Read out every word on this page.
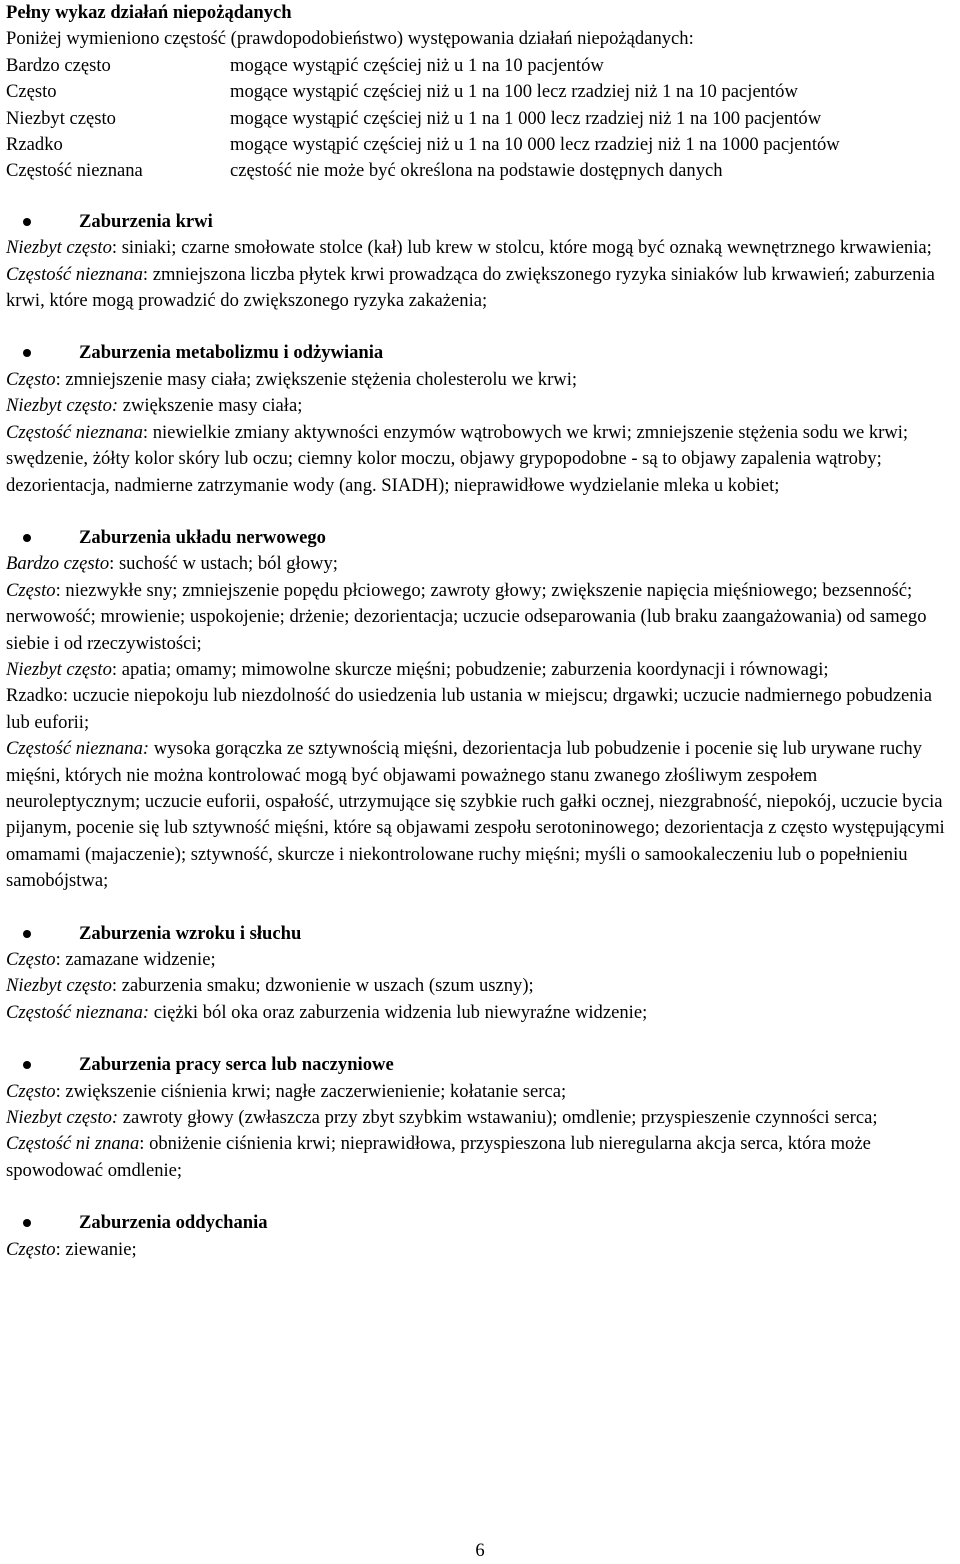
Pełny wykaz działań niepożądanych
Poniżej wymieniono częstość (prawdopodobieństwo) występowania działań niepożądanych:
Bardzo często	mogące wystąpić częściej niż u 1 na 10 pacjentów
Często	mogące wystąpić częściej niż u 1 na 100 lecz rzadziej niż 1 na 10 pacjentów
Niezbyt często	mogące wystąpić częściej niż u 1 na 1 000 lecz rzadziej niż 1 na 100 pacjentów
Rzadko	mogące wystąpić częściej niż u 1 na 10 000 lecz rzadziej niż 1 na 1000 pacjentów
Częstość nieznana	częstość nie może być określona na podstawie dostępnych danych
Zaburzenia krwi

Niezbyt często: siniaki; czarne smołowate stolce (kał) lub krew w stolcu, które mogą być oznaką wewnętrznego krwawienia;

Częstość nieznana: zmniejszona liczba płytek krwi prowadząca do zwiększonego ryzyka siniaków lub krwawień; zaburzenia krwi, które mogą prowadzić do zwiększonego ryzyka zakażenia;

Zaburzenia metabolizmu i odżywiania

Często: zmniejszenie masy ciała; zwiększenie stężenia cholesterolu we krwi;

Niezbyt często: zwiększenie masy ciała;

Częstość nieznana: niewielkie zmiany aktywności enzymów wątrobowych we krwi; zmniejszenie stężenia sodu we krwi; swędzenie, żółty kolor skóry lub oczu; ciemny kolor moczu, objawy grypopodobne - są to objawy zapalenia wątroby; dezorientacja, nadmierne zatrzymanie wody (ang. SIADH); nieprawidłowe wydzielanie mleka u kobiet;

Zaburzenia układu nerwowego

Bardzo często: suchość w ustach; ból głowy;

Często: niezwykłe sny; zmniejszenie popędu płciowego; zawroty głowy; zwiększenie napięcia mięśniowego; bezsenność; nerwowość; mrowienie; uspokojenie; drżenie; dezorientacja; uczucie odseparowania (lub braku zaangażowania) od samego siebie i od rzeczywistości;

Niezbyt często: apatia; omamy; mimowolne skurcze mięśni; pobudzenie; zaburzenia koordynacji i równowagi;

Rzadko: uczucie niepokoju lub niezdolność do usiedzenia lub ustania w miejscu; drgawki; uczucie nadmiernego pobudzenia lub euforii;

Częstość nieznana: wysoka gorączka ze sztywnością mięśni, dezorientacja lub pobudzenie i pocenie się lub urywane ruchy mięśni, których nie można kontrolować mogą być objawami poważnego stanu zwanego złośliwym zespołem neuroleptycznym; uczucie euforii, ospałość, utrzymujące się szybkie ruch gałki ocznej, niezgrabność, niepokój, uczucie bycia pijanym, pocenie się lub sztywność mięśni, które są objawami zespołu serotoninowego; dezorientacja z często występującymi omamami (majaczenie); sztywność, skurcze i niekontrolowane ruchy mięśni; myśli o samookaleczeniu lub o popełnieniu samobójstwa;

Zaburzenia wzroku i słuchu

Często: zamazane widzenie;

Niezbyt często: zaburzenia smaku; dzwonienie w uszach (szum uszny);

Częstość nieznana: ciężki ból oka oraz zaburzenia widzenia lub niewyraźne widzenie;

Zaburzenia pracy serca lub naczyniowe

Często: zwiększenie ciśnienia krwi; nagłe zaczerwienienie; kołatanie serca;

Niezbyt często: zawroty głowy (zwłaszcza przy zbyt szybkim wstawaniu); omdlenie; przyspieszenie czynności serca;

Częstość ni znana: obniżenie ciśnienia krwi; nieprawidłowa, przyspieszona lub nieregularna akcja serca, która może spowodować omdlenie;

Zaburzenia oddychania

Często: ziewanie;

6
